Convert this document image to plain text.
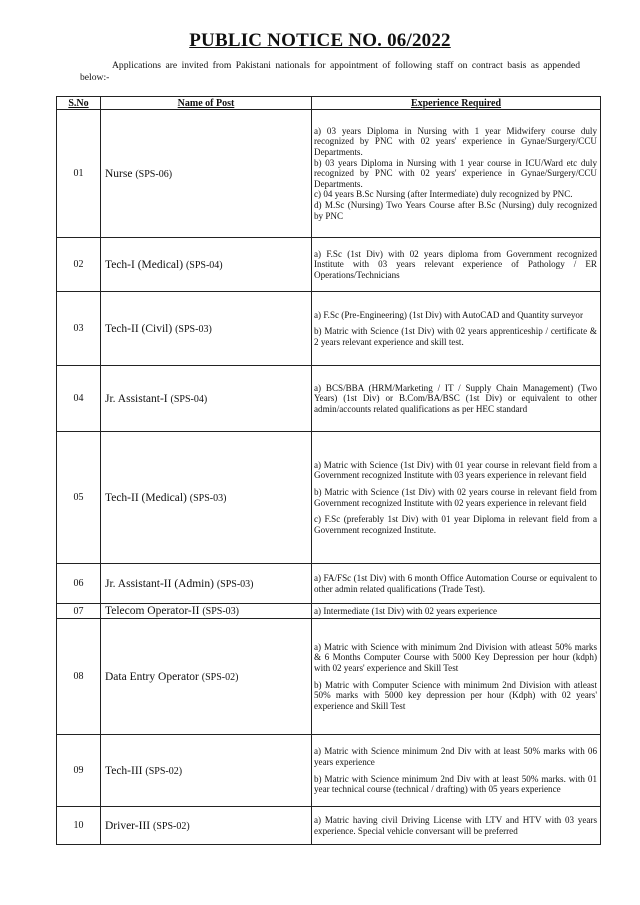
PUBLIC NOTICE NO. 06/2022
Applications are invited from Pakistani nationals for appointment of following staff on contract basis as appended below:-
S.No	Name of Post	Experience Required
01	Nurse (SPS-06)	a) 03 years Diploma in Nursing with 1 year Midwifery course duly recognized by PNC with 02 years' experience in Gynae/Surgery/CCU Departments.

b) 03 years Diploma in Nursing with 1 year course in ICU/Ward etc duly recognized by PNC with 02 years' experience in Gynae/Surgery/CCU Departments.

c) 04 years B.Sc Nursing (after Intermediate) duly recognized by PNC.

d) M.Sc (Nursing) Two Years Course after B.Sc (Nursing) duly recognized by PNC

02	Tech-I (Medical) (SPS-04)	a) F.Sc (1st Div) with 02 years diploma from Government recognized Institute with 03 years relevant experience of Pathology / ER Operations/Technicians

03	Tech-II (Civil) (SPS-03)	a) F.Sc (Pre-Engineering) (1st Div) with AutoCAD and Quantity surveyor

b) Matric with Science (1st Div) with 02 years apprenticeship / certificate & 2 years relevant experience and skill test.

04	Jr. Assistant-I (SPS-04)	a) BCS/BBA (HRM/Marketing / IT / Supply Chain Management) (Two Years) (1st Div) or B.Com/BA/BSC (1st Div) or equivalent to other admin/accounts related qualifications as per HEC standard

05	Tech-II (Medical) (SPS-03)	a) Matric with Science (1st Div) with 01 year course in relevant field from a Government recognized Institute with 03 years experience in relevant field

b) Matric with Science (1st Div) with 02 years course in relevant field from Government recognized Institute with 02 years experience in relevant field

c) F.Sc (preferably 1st Div) with 01 year Diploma in relevant field from a Government recognized Institute.

06	Jr. Assistant-II (Admin) (SPS-03)	a) FA/FSc (1st Div) with 6 month Office Automation Course or equivalent to other admin related qualifications (Trade Test).

07	Telecom Operator-II (SPS-03)	a) Intermediate (1st Div) with 02 years experience

08	Data Entry Operator (SPS-02)	a) Matric with Science with minimum 2nd Division with atleast 50% marks & 6 Months Computer Course with 5000 Key Depression per hour (kdph) with 02 years' experience and Skill Test

b) Matric with Computer Science with minimum 2nd Division with atleast 50% marks with 5000 key depression per hour (Kdph) with 02 years' experience and Skill Test

09	Tech-III (SPS-02)	a) Matric with Science minimum 2nd Div with at least 50% marks with 06 years experience

b) Matric with Science minimum 2nd Div with at least 50% marks. with 01 year technical course (technical / drafting) with 05 years experience

10	Driver-III (SPS-02)	a) Matric having civil Driving License with LTV and HTV with 03 years experience. Special vehicle conversant will be preferred
